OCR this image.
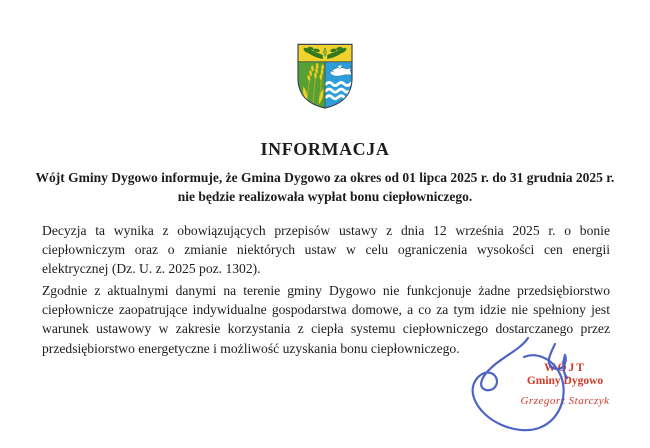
INFORMACJA
Wójt Gminy Dygowo informuje, że Gmina Dygowo za okres od 01 lipca 2025 r. do 31 grudnia 2025 r.
nie będzie realizowała wypłat bonu ciepłowniczego.
Decyzja ta wynika z obowiązujących przepisów ustawy z dnia 12 września 2025 r. o bonie ciepłowniczym oraz o zmianie niektórych ustaw w celu ograniczenia wysokości cen energii elektrycznej (Dz. U. z. 2025 poz. 1302).
Zgodnie z aktualnymi danymi na terenie gminy Dygowo nie funkcjonuje żadne przedsiębiorstwo ciepłownicze zaopatrujące indywidualne gospodarstwa domowe, a co za tym idzie nie spełniony jest warunek ustawowy w zakresie korzystania z ciepła systemu ciepłowniczego dostarczanego przez przedsiębiorstwo energetyczne i możliwość uzyskania bonu ciepłowniczego.
WÓJT
Gminy Dygowo
Grzegorz Starczyk
